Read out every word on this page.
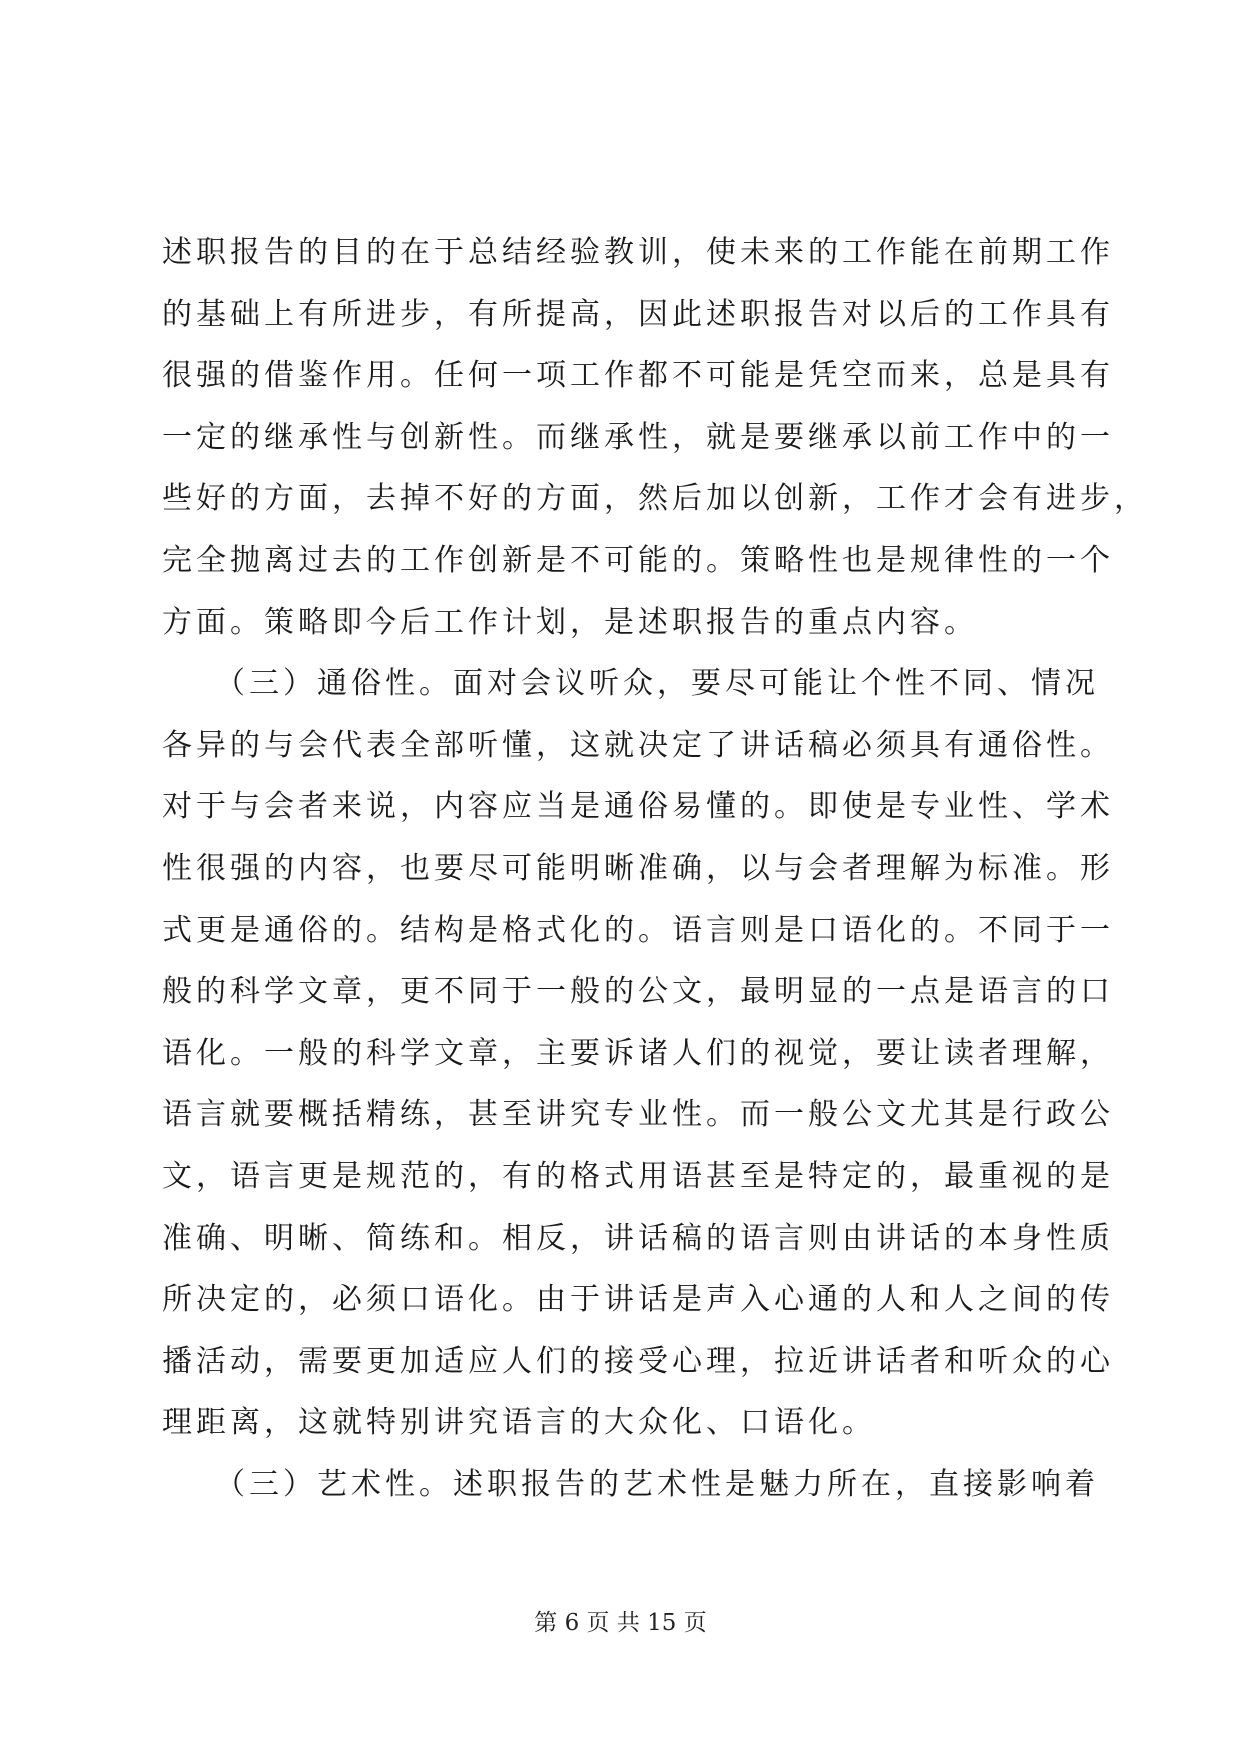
述职报告的目的在于总结经验教训，使未来的工作能在前期工作
的基础上有所进步，有所提高，因此述职报告对以后的工作具有
很强的借鉴作用。任何一项工作都不可能是凭空而来，总是具有
一定的继承性与创新性。而继承性，就是要继承以前工作中的一
些好的方面，去掉不好的方面，然后加以创新，工作才会有进步，
完全抛离过去的工作创新是不可能的。策略性也是规律性的一个
方面。策略即今后工作计划，是述职报告的重点内容。
　　（三）通俗性。面对会议听众，要尽可能让个性不同、情况
各异的与会代表全部听懂，这就决定了讲话稿必须具有通俗性。
对于与会者来说，内容应当是通俗易懂的。即使是专业性、学术
性很强的内容，也要尽可能明晰准确，以与会者理解为标准。形
式更是通俗的。结构是格式化的。语言则是口语化的。不同于一
般的科学文章，更不同于一般的公文，最明显的一点是语言的口
语化。一般的科学文章，主要诉诸人们的视觉，要让读者理解，
语言就要概括精练，甚至讲究专业性。而一般公文尤其是行政公
文，语言更是规范的，有的格式用语甚至是特定的，最重视的是
准确、明晰、简练和。相反，讲话稿的语言则由讲话的本身性质
所决定的，必须口语化。由于讲话是声入心通的人和人之间的传
播活动，需要更加适应人们的接受心理，拉近讲话者和听众的心
理距离，这就特别讲究语言的大众化、口语化。
　　（三）艺术性。述职报告的艺术性是魅力所在，直接影响着
第 6 页 共 15 页
